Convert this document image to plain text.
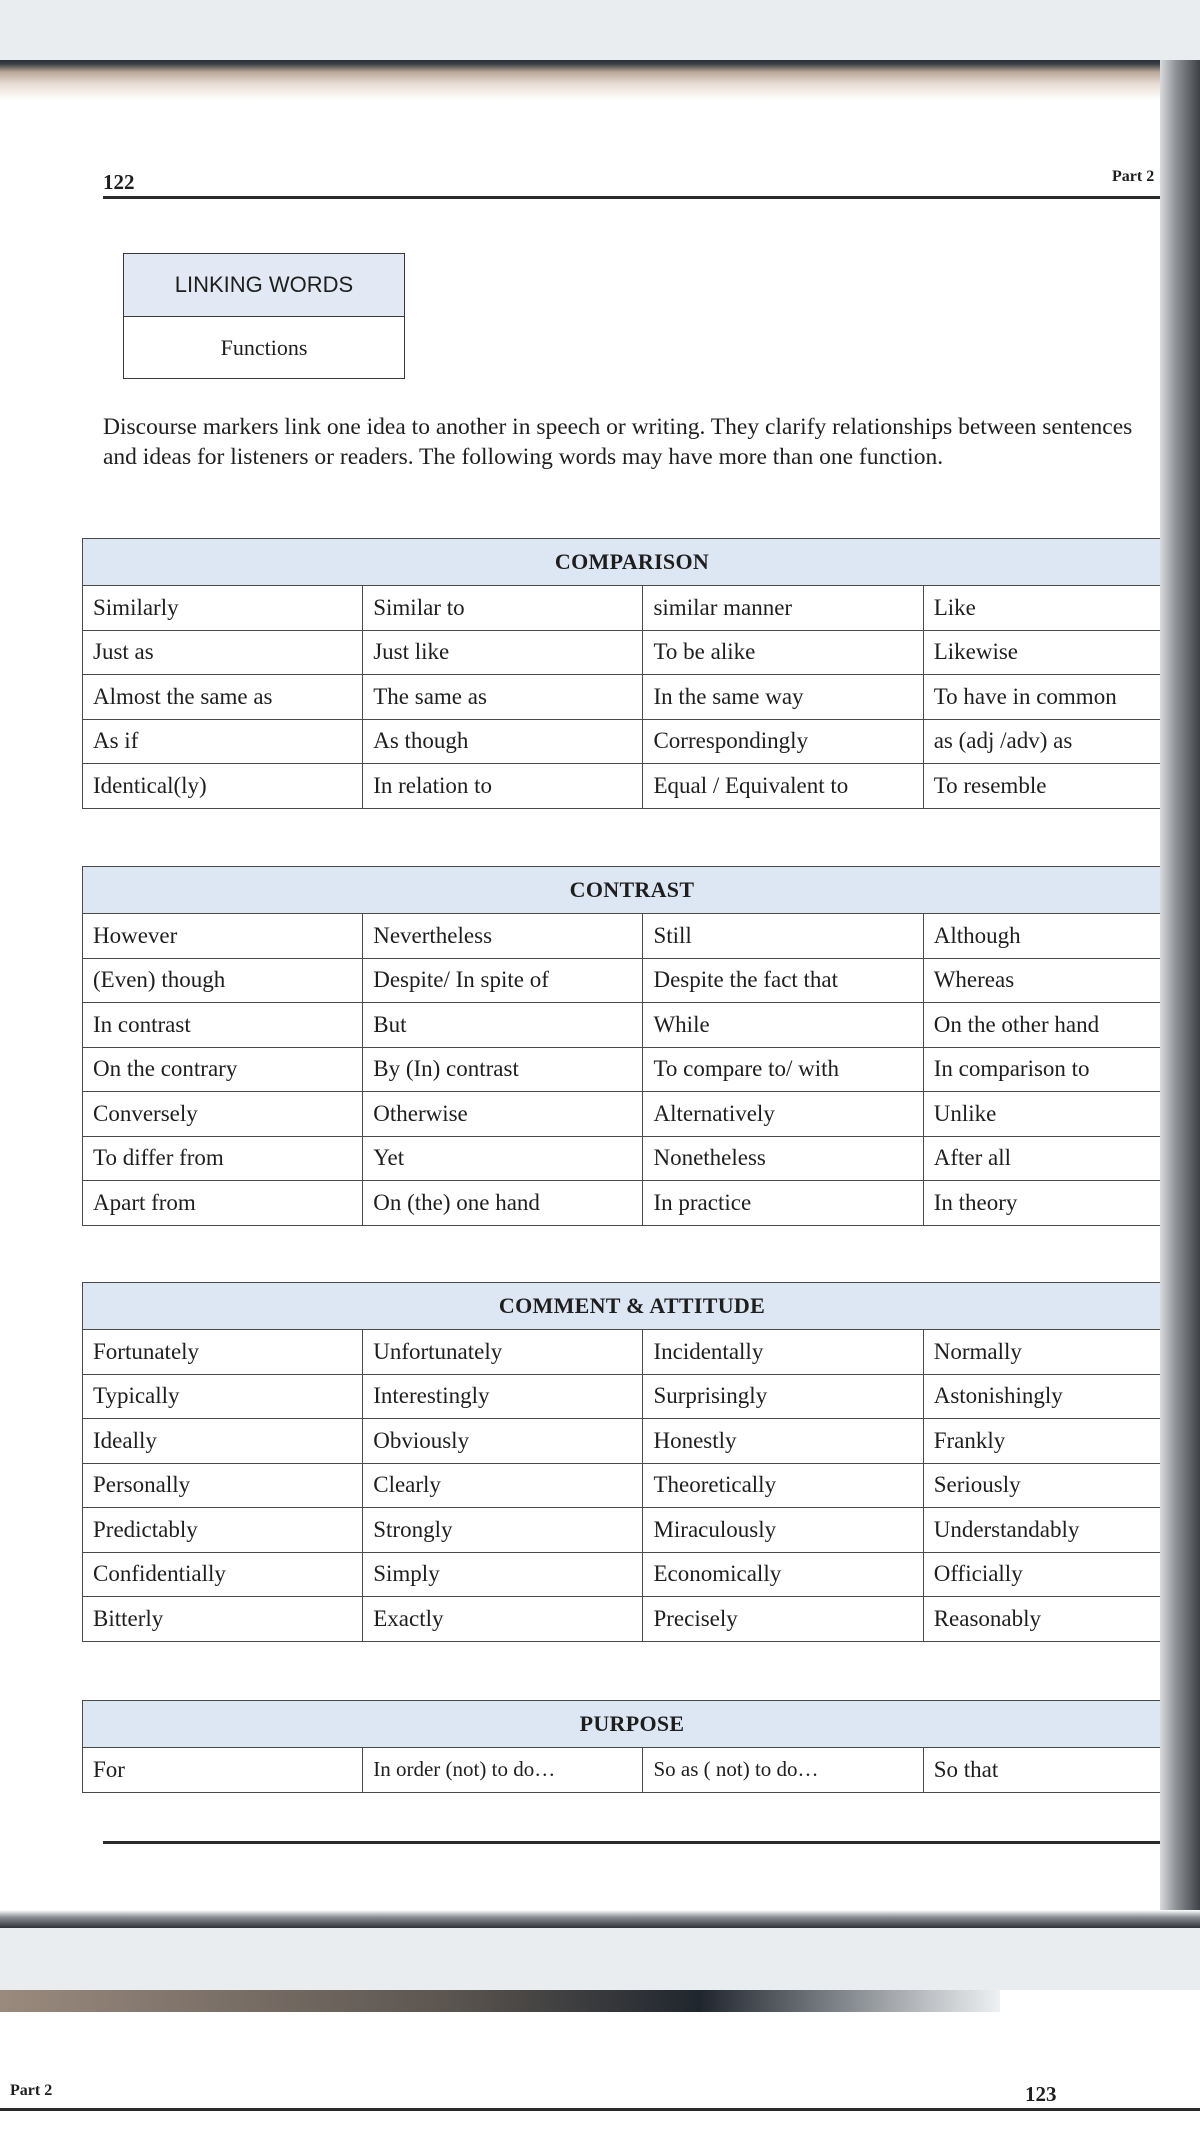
122	Part 2
LINKING WORDS
Functions
Discourse markers link one idea to another in speech or writing. They clarify relationships between sentences and ideas for listeners or readers. The following words may have more than one function.
COMPARISON			
Similarly	Similar to	similar manner	Like
Just as	Just like	To be alike	Likewise
Almost the same as	The same as	In the same way	To have in common
As if	As though	Correspondingly	as (adj /adv) as
Identical(ly)	In relation to	Equal / Equivalent to	To resemble
CONTRAST			
However	Nevertheless	Still	Although
(Even) though	Despite/ In spite of	Despite the fact that	Whereas
In contrast	But	While	On the other hand
On the contrary	By (In) contrast	To compare to/ with	In comparison to
Conversely	Otherwise	Alternatively	Unlike
To differ from	Yet	Nonetheless	After all
Apart from	On (the) one hand	In practice	In theory
COMMENT & ATTITUDE			
Fortunately	Unfortunately	Incidentally	Normally
Typically	Interestingly	Surprisingly	Astonishingly
Ideally	Obviously	Honestly	Frankly
Personally	Clearly	Theoretically	Seriously
Predictably	Strongly	Miraculously	Understandably
Confidentially	Simply	Economically	Officially
Bitterly	Exactly	Precisely	Reasonably
PURPOSE
For	In order (not) to do…	So as ( not) to do…	So that
Part 2	123
